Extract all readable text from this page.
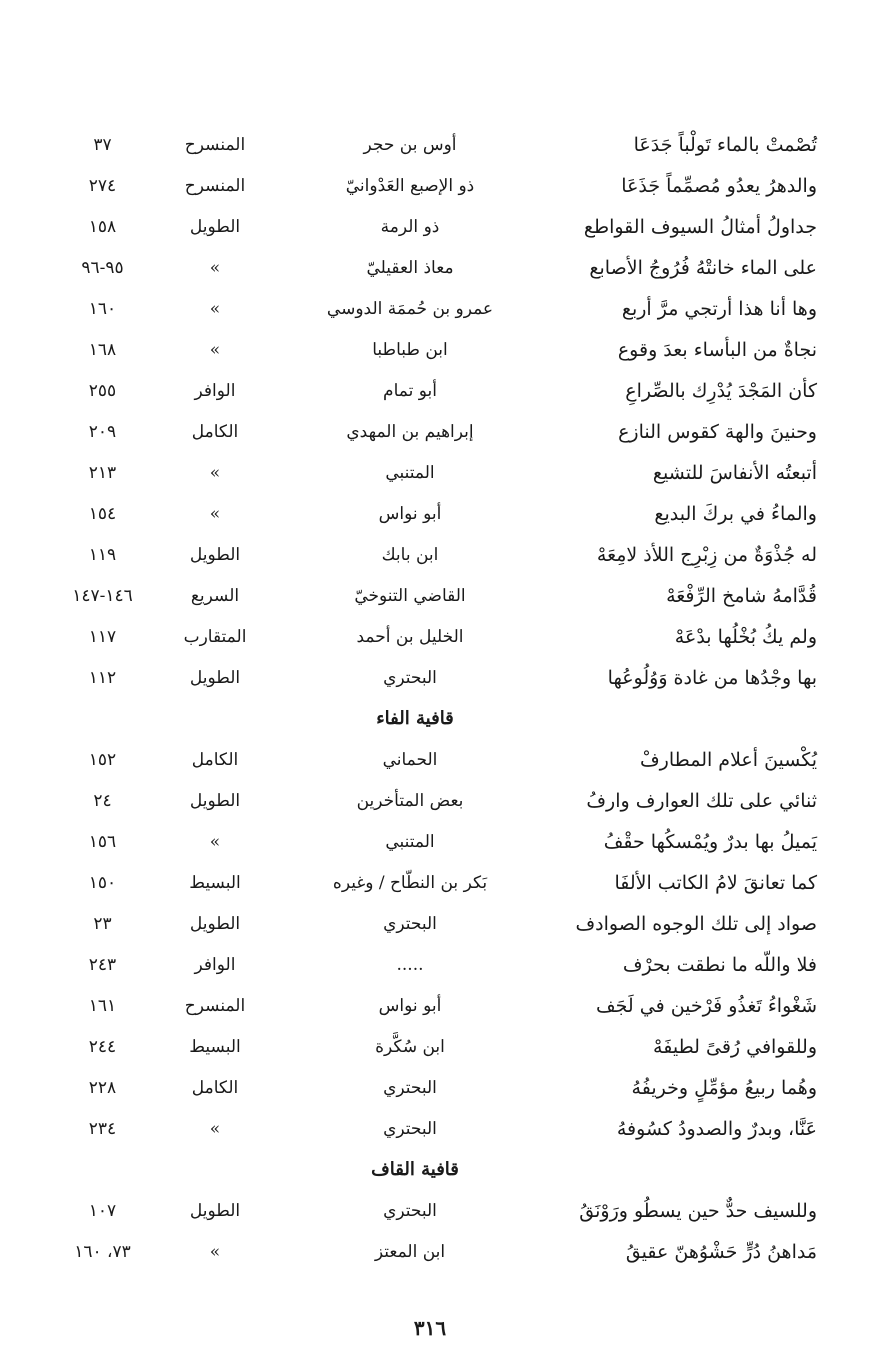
تُصْمتْ بالماء تَولْباً جَدَعَا
أوس بن حجر
المنسرح
٣٧
والدهرُ يعدُو مُصمِّماً جَذَعَا
ذو الإصبع العَدْوانيّ
المنسرح
٢٧٤
جداولُ أمثالُ السيوف القواطع
ذو الرمة
الطويل
١٥٨
على الماء خانتْهُ فُرُوجُ الأصابع
معاذ العقيليّ
»
٩٥-٩٦
وها أنا هذا أرتجي مرَّ أربع
عمرو بن حُممَة الدوسي
»
١٦٠
نجاةٌ من البأساء بعدَ وقوع
ابن طباطبا
»
١٦٨
كأن المَجْدَ يُدْرِك بالصِّراعِ
أبو تمام
الوافر
٢٥٥
وحنينَ والهة كقوس النازع
إبراهيم بن المهدي
الكامل
٢٠٩
أتبعتُه الأنفاسَ للتشيع
المتنبي
»
٢١٣
والماءُ في بركَ البديع
أبو نواس
»
١٥٤
له جُذْوَةٌ من زِبْرِج اللأذ لامِعَهْ
ابن بابك
الطويل
١١٩
قُدَّامهُ شامخ الرِّفْعَهْ
القاضي التنوخيّ
السريع
١٤٦-١٤٧
ولم يكُ بُخْلُها بدْعَهْ
الخليل بن أحمد
المتقارب
١١٧
بها وجْدُها من غادة وَوُلُوعُها
البحتري
الطويل
١١٢
قافية الفاء
يُكْسينَ أعلام المطارفْ
الحماني
الكامل
١٥٢
ثنائي على تلك العوارف وارفُ
بعض المتأخرين
الطويل
٢٤
يَميلُ بها بدرٌ ويُمْسكُها حقْفُ
المتنبي
»
١٥٦
كما تعانقَ لامُ الكاتب الألفَا
بَكر بن النطّاح / وغيره
البسيط
١٥٠
صواد إلى تلك الوجوه الصوادف
البحتري
الطويل
٢٣
فلا واللّه ما نطقت بحرْف
.....
الوافر
٢٤٣
شَغْواءُ تَغذُو فَرْخين في لَجَف
أبو نواس
المنسرح
١٦١
وللقوافي رُقىً لطيفَهْ
ابن سُكَّرة
البسيط
٢٤٤
وهُما ربيعُ مؤمِّلٍ وخريفُهُ
البحتري
الكامل
٢٢٨
عَنَّا، وبدرٌ والصدودُ كسُوفهُ
البحتري
»
٢٣٤
قافية القاف
وللسيف حدٌّ حين يسطُو ورَوْنَقُ
البحتري
الطويل
١٠٧
مَداهنُ دُرٍّ حَشْوُهنّ عقيقُ
ابن المعتز
»
٧٣، ١٦٠
٣١٦
